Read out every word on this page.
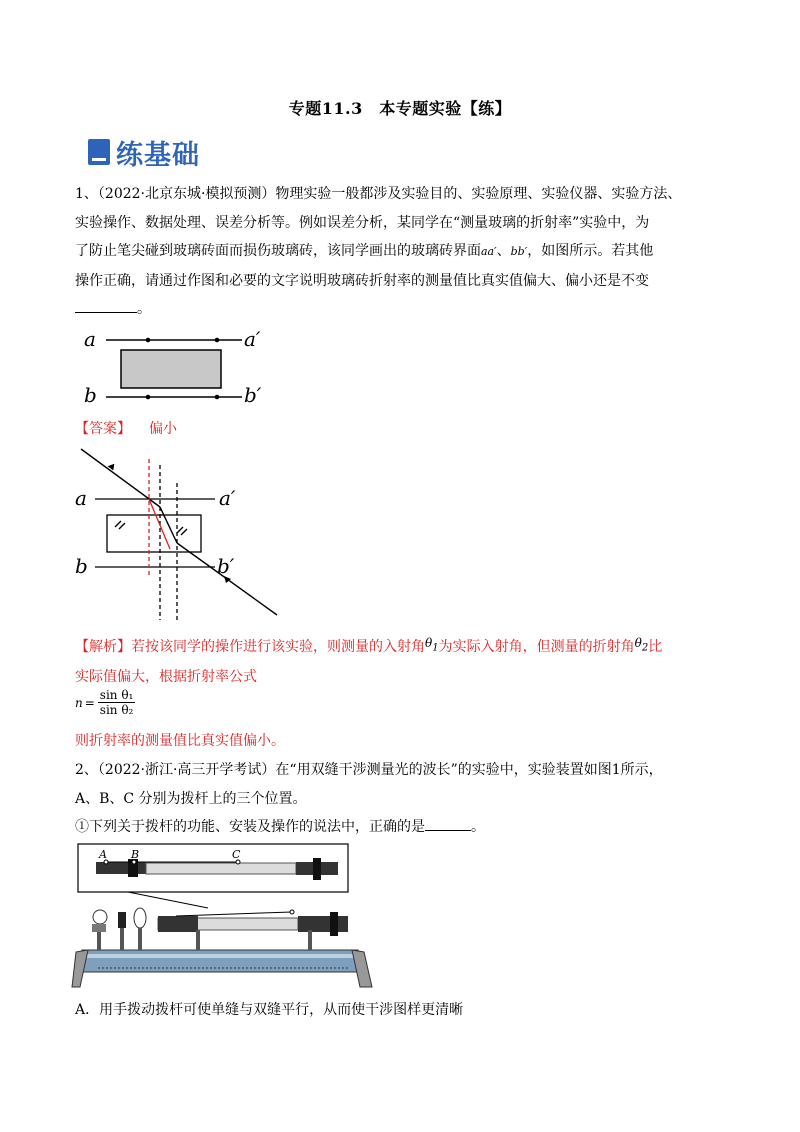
专题11.3　本专题实验【练】
练基础
1、（2022·北京东城·模拟预测）物理实验一般都涉及实验目的、实验原理、实验仪器、实验方法、
实验操作、数据处理、误差分析等。例如误差分析，某同学在“测量玻璃的折射率”实验中，为
了防止笔尖碰到玻璃砖面而损伤玻璃砖，该同学画出的玻璃砖界面aa′、bb′，如图所示。若其他
操作正确，请通过作图和必要的文字说明玻璃砖折射率的测量值比真实值偏大、偏小还是不变
。
a	a′
b	b′
【答案】 偏小
a	a′
b	b′
【解析】若按该同学的操作进行该实验，则测量的入射角$\theta_1$为实际入射角，但测量的折射角$\theta_2$比
实际值偏大，根据折射率公式
$n = \frac{\text{sin θ₁}}{\text{sin θ₂}}$
则折射率的测量值比真实值偏小。
2、（2022·浙江·高三开学考试）在“用双缝干涉测量光的波长”的实验中，实验装置如图1所示，
A、B、C 分别为拨杆上的三个位置。
①下列关于拨杆的功能、安装及操作的说法中，正确的是	。
A B	C
A．用手拨动拨杆可使单缝与双缝平行，从而使干涉图样更清晰
